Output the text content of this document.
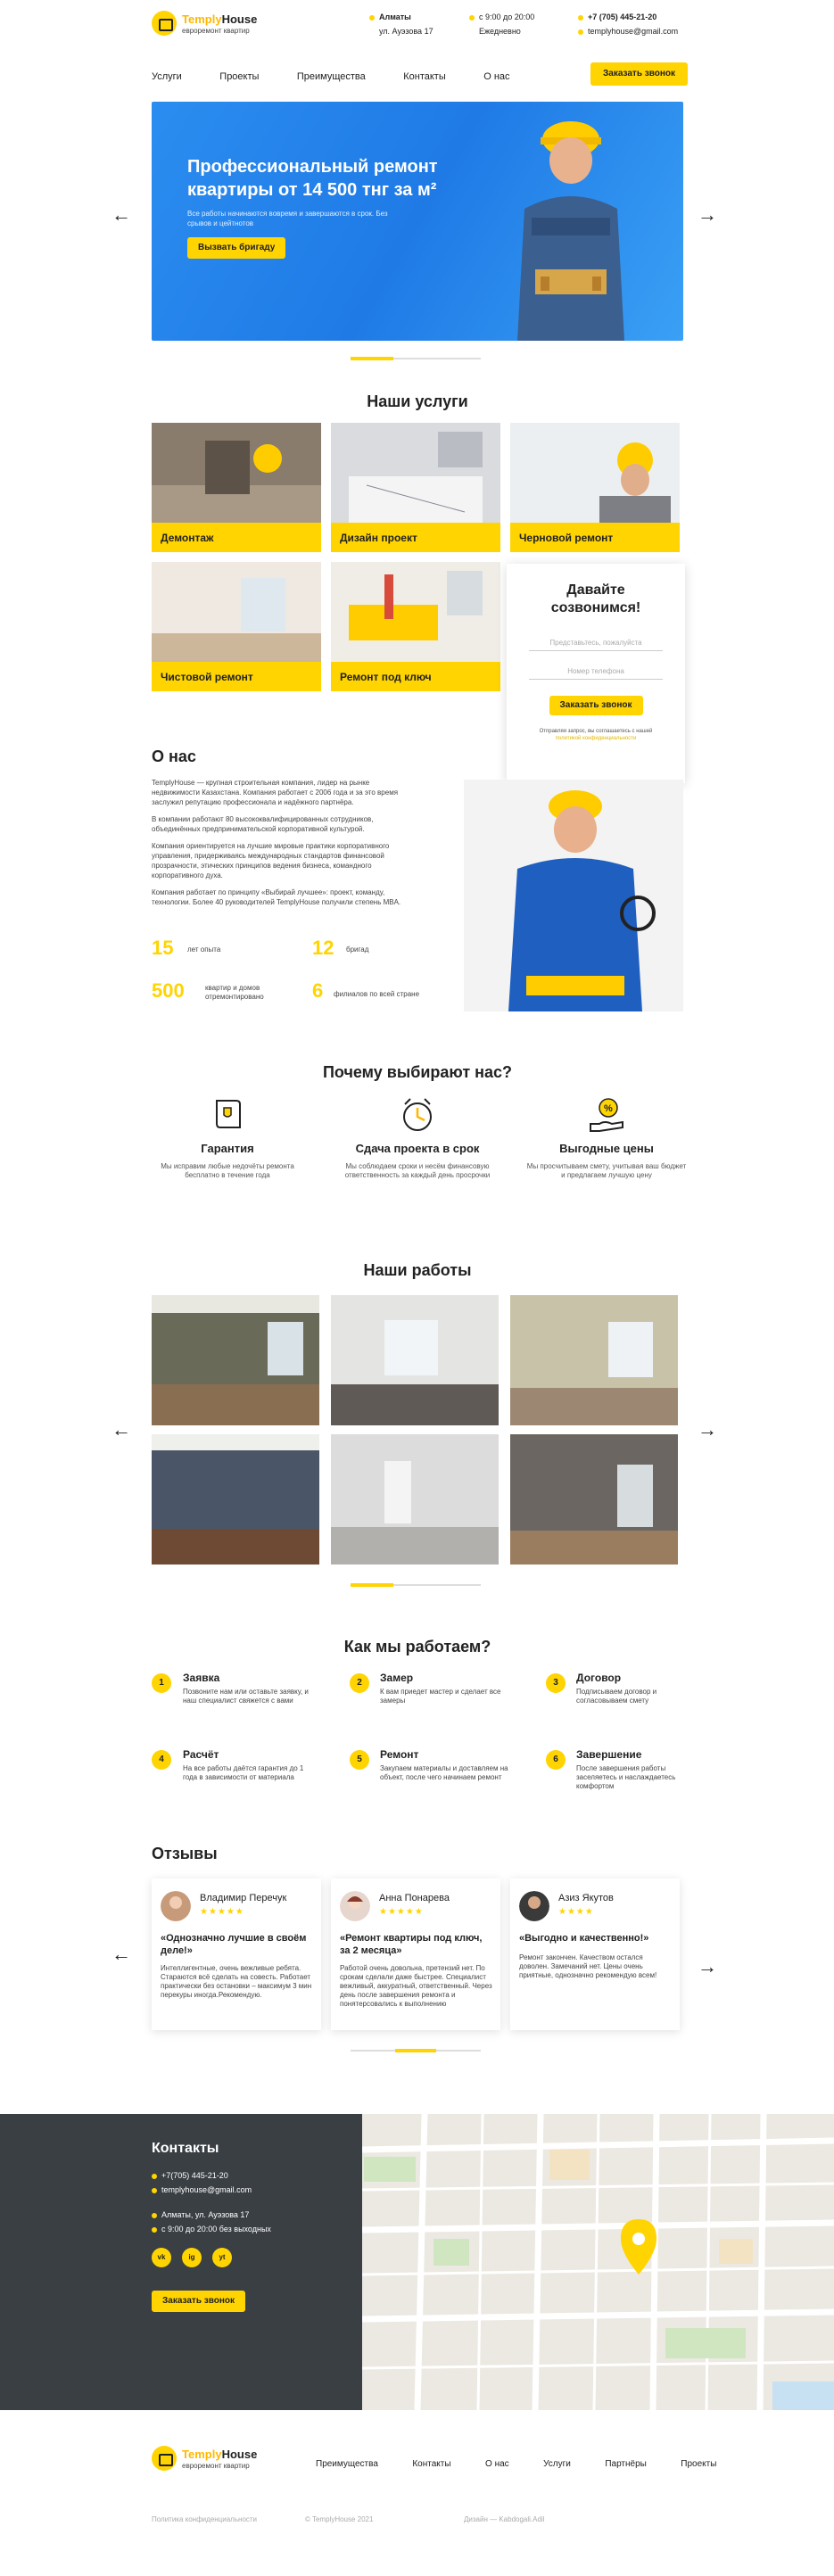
TemplyHouse
евроремонт квартир
Алматы
ул. Ауэзова 17
с 9:00 до 20:00
Ежедневно
+7 (705) 445-21-20
templyhouse@gmail.com
Услуги	Проекты	Преимущества	Контакты	О нас	Заказать звонок
←	→
Профессиональный ремонт квартиры от 14 500 тнг за м²
Все работы начинаются вовремя и завершаются в срок. Без срывов и цейтнотов
Вызвать бригаду
Наши услуги
Демонтаж	Дизайн проект	Черновой ремонт
Чистовой ремонт	Ремонт под ключ
Давайте созвонимся!
Представьтесь, пожалуйста
Номер телефона
Заказать звонок
Отправляя запрос, вы соглашаетесь с нашей политикой конфиденциальности
О нас

TemplyHouse — крупная строительная компания, лидер на рынке недвижимости Казахстана. Компания работает с 2006 года и за это время заслужил репутацию профессионала и надёжного партнёра.

В компании работают 80 высококвалифицированных сотрудников, объединённых предпринимательской корпоративной культурой.

Компания ориентируется на лучшие мировые практики корпоративного управления, придерживаясь международных стандартов финансовой прозрачности, этических принципов ведения бизнеса, командного корпоративного духа.

Компания работает по принципу «Выбирай лучшее»: проект, команду, технологии. Более 40 руководителей TemplyHouse получили степень MBA.

15 лет опыта	12 бригад
500	квартир и домов отремонтировано	6 филиалов по всей стране
Почему выбирают нас?
Гарантия
Мы исправим любые недочёты ремонта бесплатно в течение года
Сдача проекта в срок
Мы соблюдаем сроки и несём финансовую ответственность за каждый день просрочки
%
Выгодные цены
Мы просчитываем смету, учитывая ваш бюджет и предлагаем лучшую цену
Наши работы
←	→
Как мы работаем?
1	Заявка
Позвоните нам или оставьте заявку, и наш специалист свяжется с вами
2	Замер
К вам приедет мастер и сделает все замеры
3	Договор
Подписываем договор и согласовываем смету
4	Расчёт
На все работы даётся гарантия до 1 года в зависимости от материала
5	Ремонт
Закупаем материалы и доставляем на объект, после чего начинаем ремонт
6	Завершение
После завершения работы заселяетесь и наслаждаетесь комфортом
Отзывы
←
→
Владимир Перечук
★★★★★
«Однозначно лучшие в своём деле!»
Интеллигентные, очень вежливые ребята. Стараются всё сделать на совесть. Работает практически без остановки – максимум 3 мин перекуры иногда.Рекомендую.
Анна Понарева
★★★★★
«Ремонт квартиры под ключ, за 2 месяца»
Работой очень довольна, претензий нет. По срокам сделали даже быстрее. Специалист вежливый, аккуратный, ответственный. Через день после завершения ремонта и понятерсовались к выполнению
Азиз Якутов
★★★★
«Выгодно и качественно!»
Ремонт закончен. Качеством остался доволен. Замечаний нет. Цены очень приятные, однозначно рекомендую всем!
Контакты
+7(705) 445-21-20
templyhouse@gmail.com
Алматы, ул. Ауэзова 17
с 9:00 до 20:00 без выходных
vk	ig	yt
Заказать звонок
TemplyHouse
евроремонт квартир	Преимущества	Контакты	О нас	Услуги	Партнёры	Проекты
Политика конфиденциальности	© TemplyHouse 2021	Дизайн — Kabdogali.Adil
